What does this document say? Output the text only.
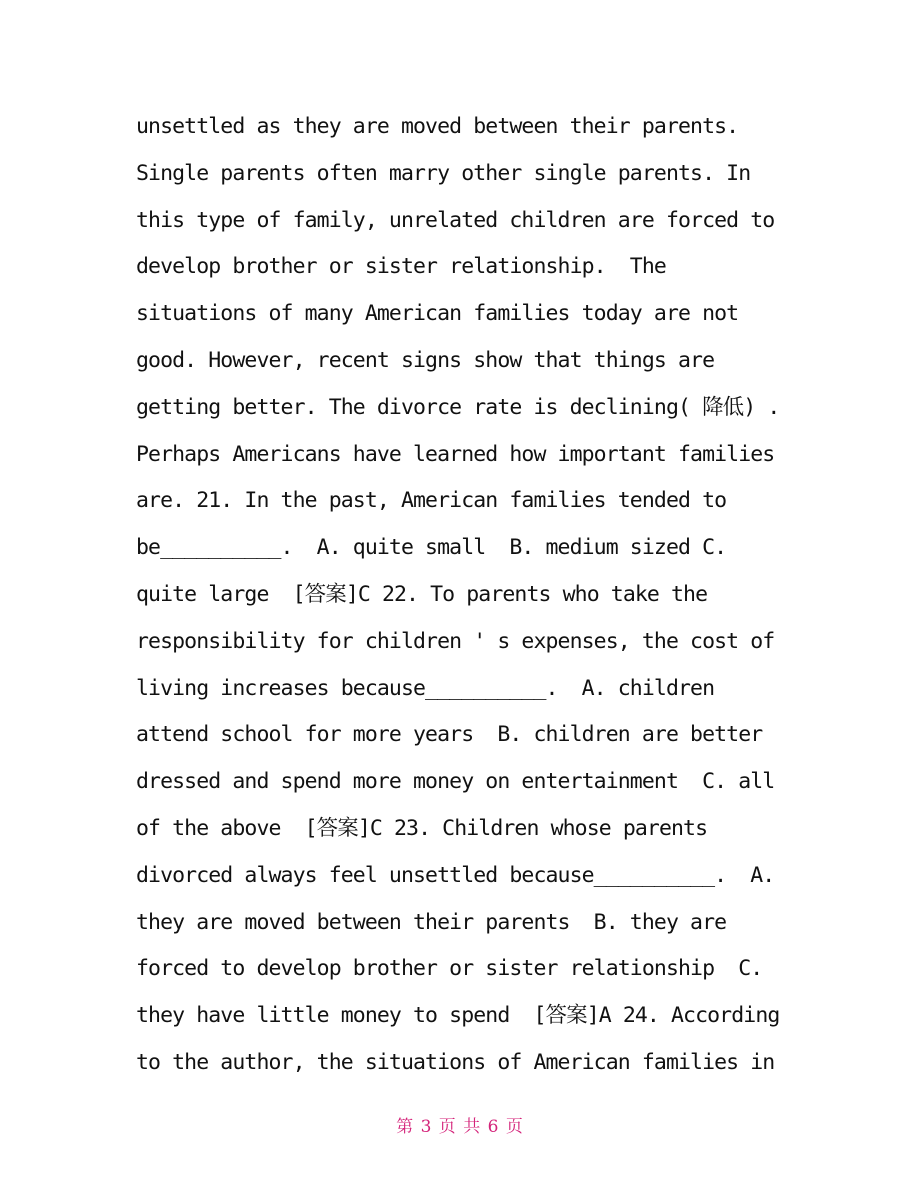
unsettled as they are moved between their parents.
Single parents often marry other single parents. In
this type of family, unrelated children are forced to
develop brother or sister relationship.  The
situations of many American families today are not
good. However, recent signs show that things are
getting better. The divorce rate is declining( 降低) .
Perhaps Americans have learned how important families
are. 21. In the past, American families tended to
be__________.  A. quite small  B. medium sized C.
quite large  [答案]C 22. To parents who take the
responsibility for children ' s expenses, the cost of
living increases because__________.  A. children
attend school for more years  B. children are better
dressed and spend more money on entertainment  C. all
of the above  [答案]C 23. Children whose parents
divorced always feel unsettled because__________.  A.
they are moved between their parents  B. they are
forced to develop brother or sister relationship  C.
they have little money to spend  [答案]A 24. According
to the author, the situations of American families in
第 3 页 共 6 页
